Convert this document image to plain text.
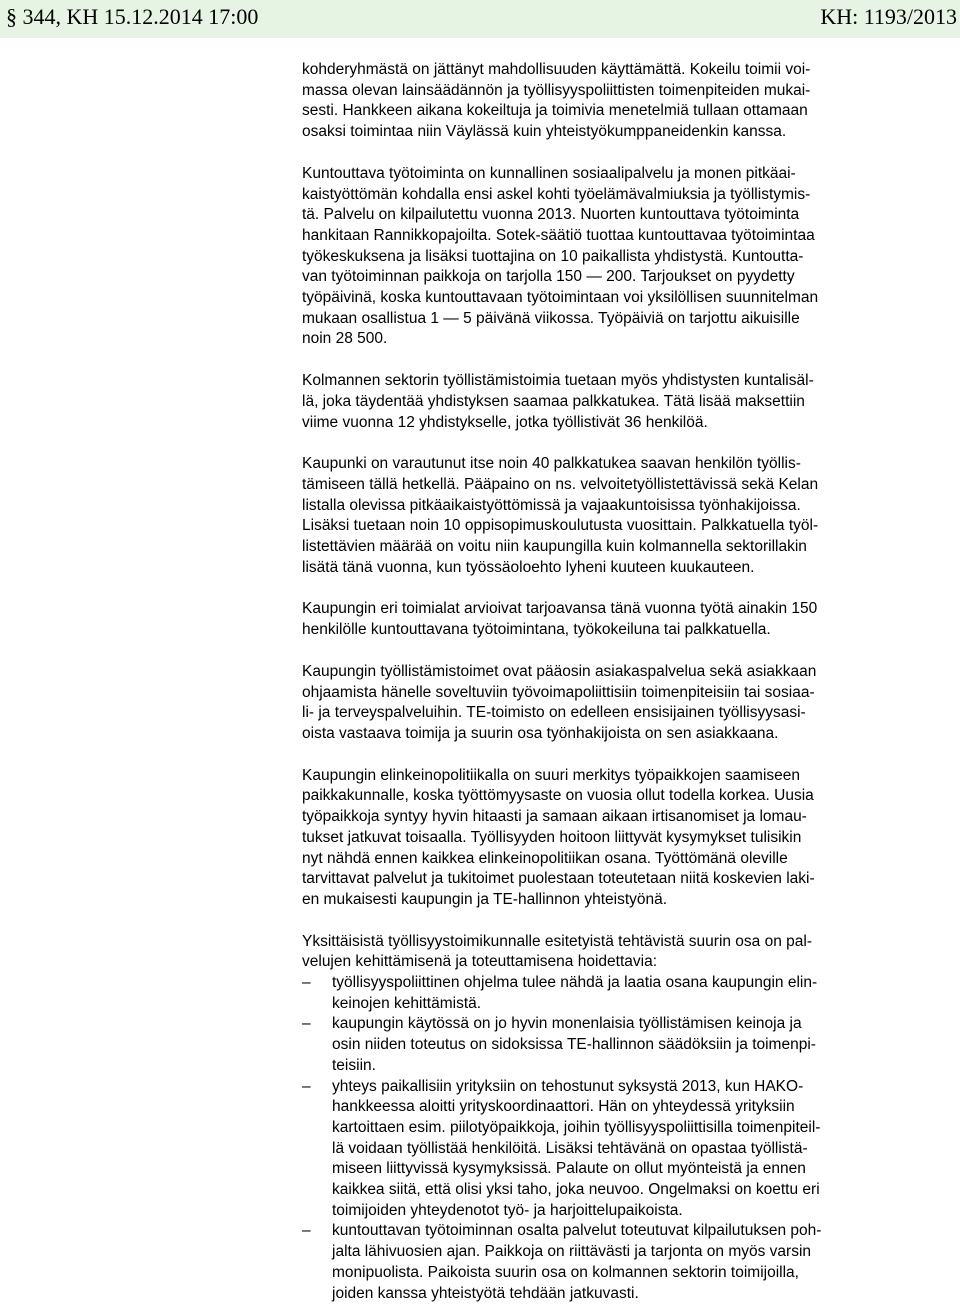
§ 344, KH 15.12.2014 17:00	KH: 1193/2013
kohderyhmästä on jättänyt mahdollisuuden käyttämättä. Kokeilu toimii voi-
massa olevan lainsäädännön ja työllisyyspoliittisten toimenpiteiden mukai-
sesti. Hankkeen aikana kokeiltuja ja toimivia menetelmiä tullaan ottamaan
osaksi toimintaa niin Väylässä kuin yhteistyökumppaneidenkin kanssa.
Kuntouttava työtoiminta on kunnallinen sosiaalipalvelu ja monen pitkäai-
kaistyöttömän kohdalla ensi askel kohti työelämävalmiuksia ja työllistymis-
tä. Palvelu on kilpailutettu vuonna 2013. Nuorten kuntouttava työtoiminta
hankitaan Rannikkopajoilta. Sotek-säätiö tuottaa kuntouttavaa työtoimintaa
työkeskuksena ja lisäksi tuottajina on 10 paikallista yhdistystä. Kuntoutta-
van työtoiminnan paikkoja on tarjolla 150 — 200. Tarjoukset on pyydetty
työpäivinä, koska kuntouttavaan työtoimintaan voi yksilöllisen suunnitelman
mukaan osallistua 1 — 5 päivänä viikossa. Työpäiviä on tarjottu aikuisille
noin 28 500.
Kolmannen sektorin työllistämistoimia tuetaan myös yhdistysten kuntalisäl-
lä, joka täydentää yhdistyksen saamaa palkkatukea. Tätä lisää maksettiin
viime vuonna 12 yhdistykselle, jotka työllistivät 36 henkilöä.
Kaupunki on varautunut itse noin 40 palkkatukea saavan henkilön työllis-
tämiseen tällä hetkellä. Pääpaino on ns. velvoitetyöllistettävissä sekä Kelan
listalla olevissa pitkäaikaistyöttömissä ja vajaakuntoisissa työnhakijoissa.
Lisäksi tuetaan noin 10 oppisopimuskoulutusta vuosittain. Palkkatuella työl-
listettävien määrää on voitu niin kaupungilla kuin kolmannella sektorillakin
lisätä tänä vuonna, kun työssäoloehto lyheni kuuteen kuukauteen.
Kaupungin eri toimialat arvioivat tarjoavansa tänä vuonna työtä ainakin 150
henkilölle kuntouttavana työtoimintana, työkokeiluna tai palkkatuella.
Kaupungin työllistämistoimet ovat pääosin asiakaspalvelua sekä asiakkaan
ohjaamista hänelle soveltuviin työvoimapoliittisiin toimenpiteisiin tai sosiaa-
li- ja terveyspalveluihin. TE-toimisto on edelleen ensisijainen työllisyysasi-
oista vastaava toimija ja suurin osa työnhakijoista on sen asiakkaana.
Kaupungin elinkeinopolitiikalla on suuri merkitys työpaikkojen saamiseen
paikkakunnalle, koska työttömyysaste on vuosia ollut todella korkea. Uusia
työpaikkoja syntyy hyvin hitaasti ja samaan aikaan irtisanomiset ja lomau-
tukset jatkuvat toisaalla. Työllisyyden hoitoon liittyvät kysymykset tulisikin
nyt nähdä ennen kaikkea elinkeinopolitiikan osana. Työttömänä oleville
tarvittavat palvelut ja tukitoimet puolestaan toteutetaan niitä koskevien laki-
en mukaisesti kaupungin ja TE-hallinnon yhteistyönä.
Yksittäisistä työllisyystoimikunnalle esitetyistä tehtävistä suurin osa on pal-
velujen kehittämisenä ja toteuttamisena hoidettavia:
– työllisyyspoliittinen ohjelma tulee nähdä ja laatia osana kaupungin elin-
keinojen kehittämistä.
– kaupungin käytössä on jo hyvin monenlaisia työllistämisen keinoja ja
osin niiden toteutus on sidoksissa TE-hallinnon säädöksiin ja toimenpi-
teisiin.
– yhteys paikallisiin yrityksiin on tehostunut syksystä 2013, kun HAKO-
hankkeessa aloitti yrityskoordinaattori. Hän on yhteydessä yrityksiin
kartoittaen esim. piilotyöpaikkoja, joihin työllisyyspoliittisilla toimenpiteil-
lä voidaan työllistää henkilöitä. Lisäksi tehtävänä on opastaa työllistä-
miseen liittyvissä kysymyksissä. Palaute on ollut myönteistä ja ennen
kaikkea siitä, että olisi yksi taho, joka neuvoo. Ongelmaksi on koettu eri
toimijoiden yhteydenotot työ- ja harjoittelupaikoista.
– kuntouttavan työtoiminnan osalta palvelut toteutuvat kilpailutuksen poh-
jalta lähivuosien ajan. Paikkoja on riittävästi ja tarjonta on myös varsin
monipuolista. Paikoista suurin osa on kolmannen sektorin toimijoilla,
joiden kanssa yhteistyötä tehdään jatkuvasti.
